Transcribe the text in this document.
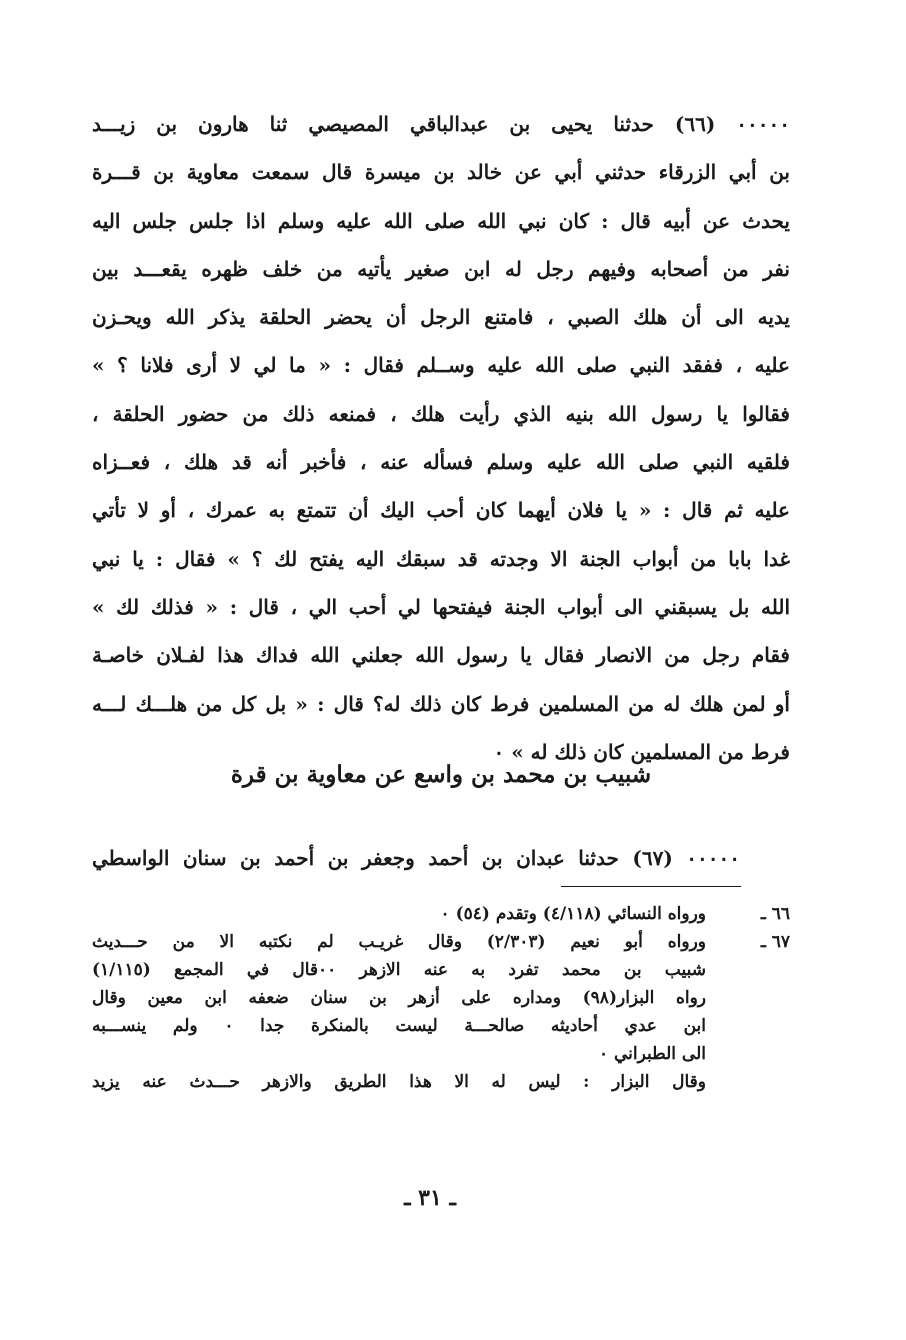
٠٠٠٠٠ (٦٦) حدثنا يحيى بن عبدالباقي المصيصي ثنا هارون بن زيـــد
بن أبي الزرقاء حدثني أبي عن خالد بن ميسرة قال سمعت معاوية بن قـــرة
يحدث عن أبيه قال : كان نبي الله صلى الله عليه وسلم اذا جلس جلس اليه
نفر من أصحابه وفيهم رجل له ابن صغير يأتيه من خلف ظهره يقعـــد بين
يديه الى أن هلك الصبي ، فامتنع الرجل أن يحضر الحلقة يذكر الله ويحـزن
عليه ، ففقد النبي صلى الله عليه وســلم فقال : « ما لي لا أرى فلانا ؟ »
فقالوا يا رسول الله بنيه الذي رأيت هلك ، فمنعه ذلك من حضور الحلقة ،
فلقيه النبي صلى الله عليه وسلم فسأله عنه ، فأخبر أنه قد هلك ، فعــزاه
عليه ثم قال : « يا فلان أيهما كان أحب اليك أن تتمتع به عمرك ، أو لا تأتي
غدا بابا من أبواب الجنة الا وجدته قد سبقك اليه يفتح لك ؟ » فقال : يا نبي
الله بل يسبقني الى أبواب الجنة فيفتحها لي أحب الي ، قال : « فذلك لك »
فقام رجل من الانصار فقال يا رسول الله جعلني الله فداك هذا لفـلان خاصـة
أو لمن هلك له من المسلمين فرط كان ذلك له؟ قال : « بل كل من هلـــك لـــه
فرط من المسلمين كان ذلك له » ٠
شبيب بن محمد بن واسع عن معاوية بن قرة
٠٠٠٠٠ (٦٧) حدثنا عبدان بن أحمد وجعفر بن أحمد بن سنان الواسطي
٦٦ ـ
ورواه النسائي (٤/١١٨) وتقدم (٥٤) ٠
٦٧ ـ
ورواه أبو نعيم (٢/٣٠٣) وقال غريـب لم نكتبه الا من حـــديث
شبيب بن محمد تفرد به عنه الازهر ٠٠قال في المجمع (١/١١٥)
رواه البزار(٩٨) ومداره على أزهر بن سنان ضعفه ابن معين وقال
ابن عدي أحاديثه صالحـــة ليست بالمنكرة جدا ٠ ولم ينســـبه
الى الطبراني ٠
وقال البزار : ليس له الا هذا الطريق والازهر حـــدث عنه يزيد
ـ ٣١ ـ
